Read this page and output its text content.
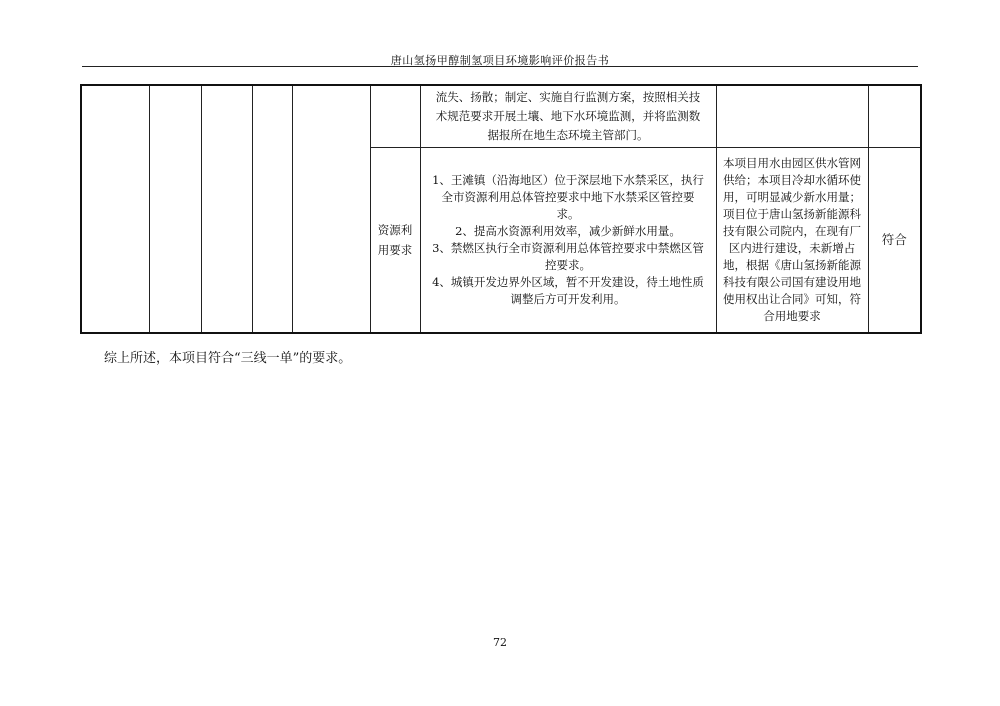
唐山氢扬甲醇制氢项目环境影响评价报告书

						流失、扬散；制定、实施自行监测方案，按照相关技术规范要求开展土壤、地下水环境监测，并将监测数据报所在地生态环境主管部门。		

					资源利用要求	1、王滩镇（沿海地区）位于深层地下水禁采区，执行全市资源利用总体管控要求中地下水禁采区管控要求。

2、提高水资源利用效率，减少新鲜水用量。

3、禁燃区执行全市资源利用总体管控要求中禁燃区管控要求。

4、城镇开发边界外区域，暂不开发建设，待土地性质调整后方可开发利用。	本项目用水由园区供水管网供给；本项目冷却水循环使用，可明显减少新水用量；项目位于唐山氢扬新能源科技有限公司院内，在现有厂区内进行建设，未新增占地，根据《唐山氢扬新能源科技有限公司国有建设用地使用权出让合同》可知，符合用地要求	符合
综上所述，本项目符合“三线一单”的要求。
72
